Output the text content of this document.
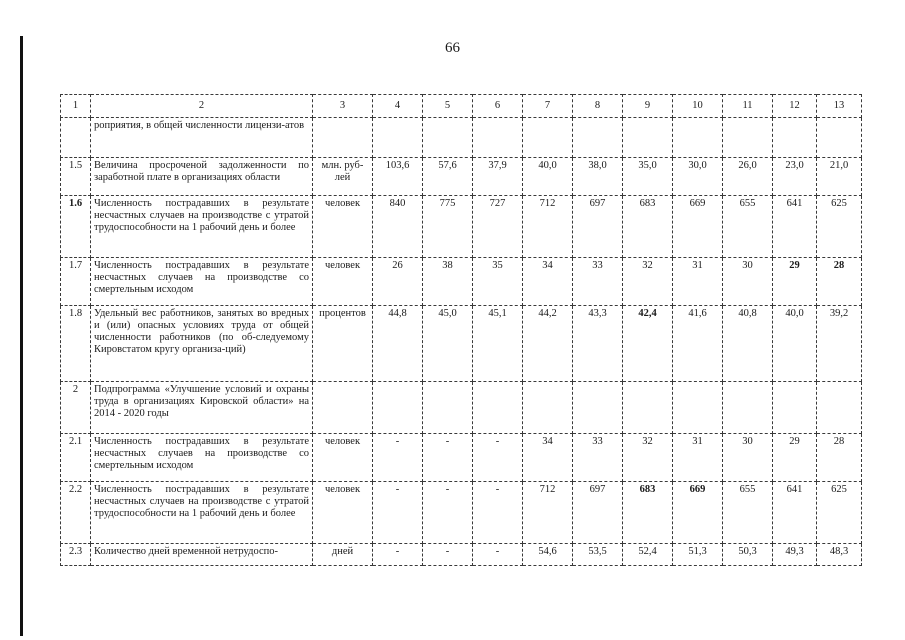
66
1	2	3	4	5	6	7	8	9	10	11	12	13
	роприятия, в общей численности лицензи-атов											
1.5	Величина просроченой задолженности по заработной плате в организациях области	млн. руб-лей	103,6	57,6	37,9	40,0	38,0	35,0	30,0	26,0	23,0	21,0
1.6	Численность пострадавших в результате несчастных случаев на производстве с утратой трудоспособности на 1 рабочий день и более	человек	840	775	727	712	697	683	669	655	641	625
1.7	Численность пострадавших в результате несчастных случаев на производстве со смертельным исходом	человек	26	38	35	34	33	32	31	30	29	28
1.8	Удельный вес работников, занятых во вредных и (или) опасных условиях труда от общей численности работников (по об-следуемому Кировстатом кругу организа-ций)	процентов	44,8	45,0	45,1	44,2	43,3	42,4	41,6	40,8	40,0	39,2
2	Подпрограмма «Улучшение условий и охраны труда в организациях Кировской области» на 2014 - 2020 годы											
2.1	Численность пострадавших в результате несчастных случаев на производстве со смертельным исходом	человек	-	-	-	34	33	32	31	30	29	28
2.2	Численность пострадавших в результате несчастных случаев на производстве с утратой трудоспособности на 1 рабочий день и более	человек	-	-	-	712	697	683	669	655	641	625
2.3	Количество дней временной нетрудоспо-	дней	-	-	-	54,6	53,5	52,4	51,3	50,3	49,3	48,3
